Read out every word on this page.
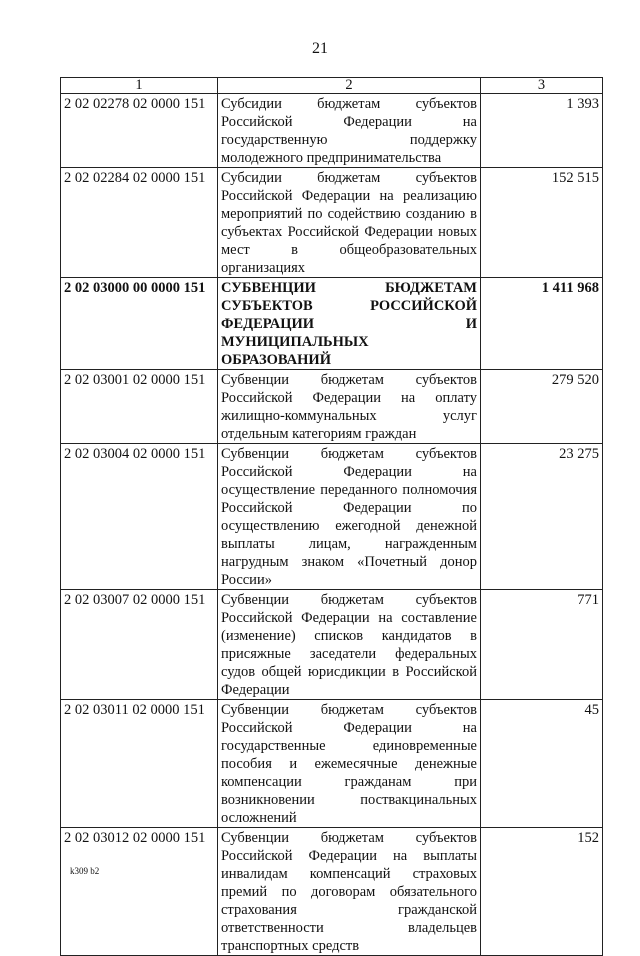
21
1	2	3
2 02 02278 02 0000 151	Субсидии бюджетам субъектов Российской Федерации на государственную поддержку молодежного предпринимательства	1 393
2 02 02284 02 0000 151	Субсидии бюджетам субъектов Российской Федерации на реализацию мероприятий по содействию созданию в субъектах Российской Федерации новых мест в общеобразовательных организациях	152 515
2 02 03000 00 0000 151	СУБВЕНЦИИ БЮДЖЕТАМ СУБЪЕКТОВ РОССИЙСКОЙ ФЕДЕРАЦИИ И МУНИЦИПАЛЬНЫХ ОБРАЗОВАНИЙ	1 411 968
2 02 03001 02 0000 151	Субвенции бюджетам субъектов Российской Федерации на оплату жилищно-коммунальных услуг отдельным категориям граждан	279 520
2 02 03004 02 0000 151	Субвенции бюджетам субъектов Российской Федерации на осуществление переданного полномочия Российской Федерации по осуществлению ежегодной денежной выплаты лицам, награжденным нагрудным знаком «Почетный донор России»	23 275
2 02 03007 02 0000 151	Субвенции бюджетам субъектов Российской Федерации на составление (изменение) списков кандидатов в присяжные заседатели федеральных судов общей юрисдикции в Российской Федерации	771
2 02 03011 02 0000 151	Субвенции бюджетам субъектов Российской Федерации на государственные единовременные пособия и ежемесячные денежные компенсации гражданам при возникновении поствакцинальных осложнений	45
2 02 03012 02 0000 151	Субвенции бюджетам субъектов Российской Федерации на выплаты инвалидам компенсаций страховых премий по договорам обязательного страхования гражданской ответственности владельцев транспортных средств	152
k309 b2
